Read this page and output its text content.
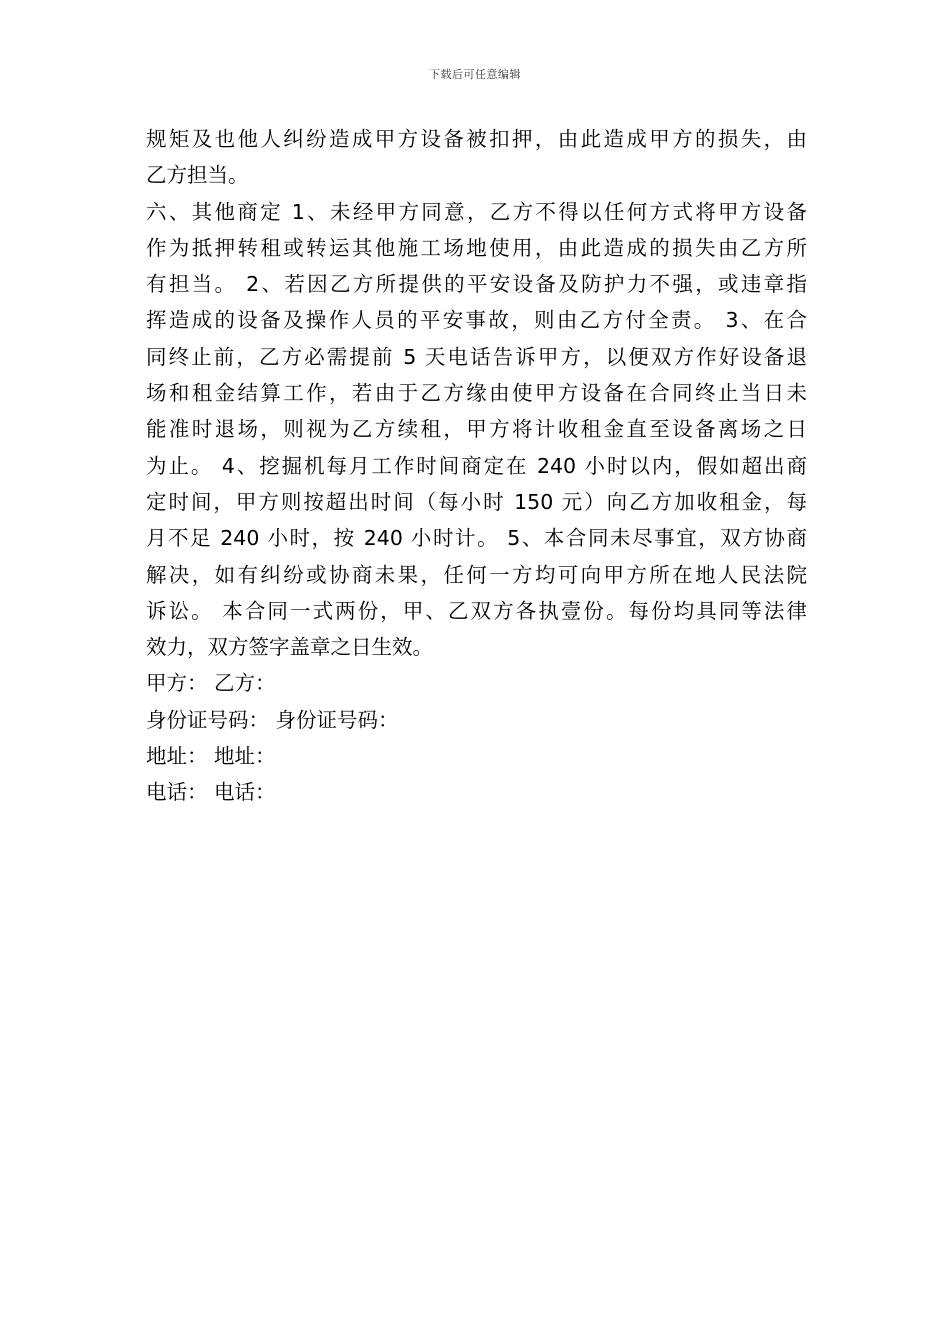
下载后可任意编辑

规矩及也他人纠纷造成甲方设备被扣押，由此造成甲方的损失，由
乙方担当。

六、其他商定 1、未经甲方同意，乙方不得以任何方式将甲方设备
作为抵押转租或转运其他施工场地使用，由此造成的损失由乙方所
有担当。 2、若因乙方所提供的平安设备及防护力不强，或违章指
挥造成的设备及操作人员的平安事故，则由乙方付全责。 3、在合
同终止前，乙方必需提前 5 天电话告诉甲方，以便双方作好设备退
场和租金结算工作，若由于乙方缘由使甲方设备在合同终止当日未
能准时退场，则视为乙方续租，甲方将计收租金直至设备离场之日
为止。 4、挖掘机每月工作时间商定在 240 小时以内，假如超出商
定时间，甲方则按超出时间（每小时 150 元）向乙方加收租金，每
月不足 240 小时，按 240 小时计。 5、本合同未尽事宜，双方协商
解决，如有纠纷或协商未果，任何一方均可向甲方所在地人民法院
诉讼。 本合同一式两份，甲、乙双方各执壹份。每份均具同等法律
效力，双方签字盖章之日生效。

甲方： 乙方：
身份证号码： 身份证号码：
地址： 地址：
电话： 电话：
